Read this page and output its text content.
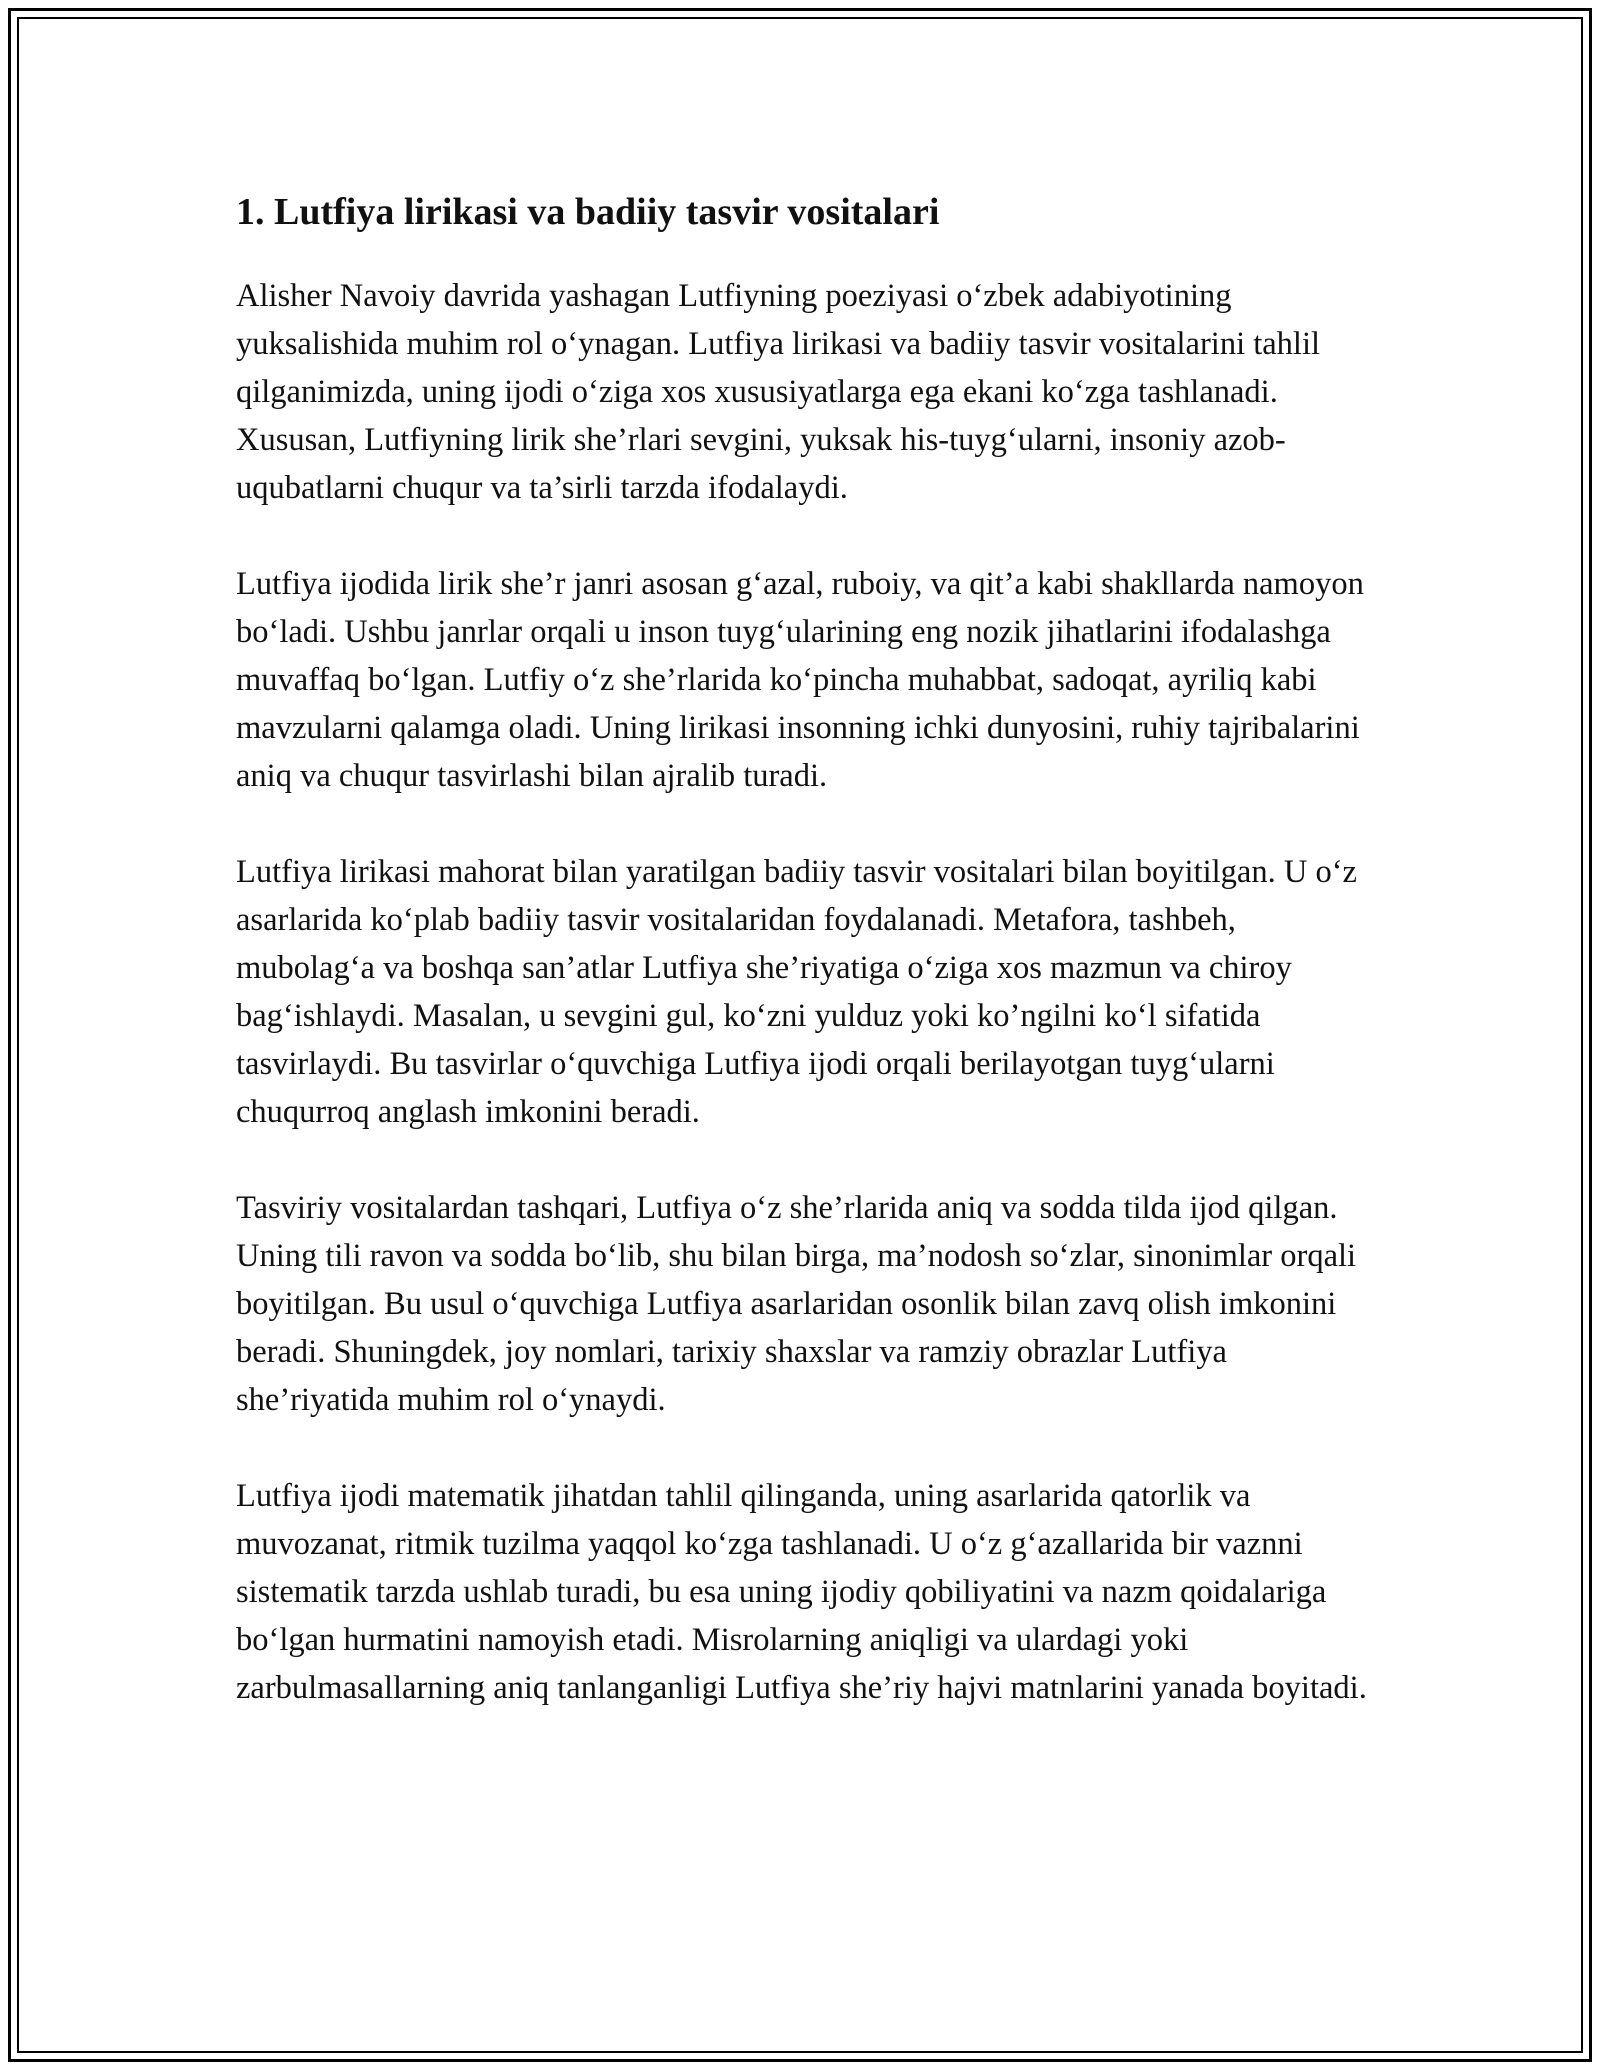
1. Lutfiya lirikasi va badiiy tasvir vositalari

Alisher Navoiy davrida yashagan Lutfiyning poeziyasi o‘zbek adabiyotining yuksalishida muhim rol o‘ynagan. Lutfiya lirikasi va badiiy tasvir vositalarini tahlil qilganimizda, uning ijodi o‘ziga xos xususiyatlarga ega ekani ko‘zga tashlanadi. Xususan, Lutfiyning lirik she’rlari sevgini, yuksak his-tuyg‘ularni, insoniy azob-uqubatlarni chuqur va ta’sirli tarzda ifodalaydi.

Lutfiya ijodida lirik she’r janri asosan g‘azal, ruboiy, va qit’a kabi shakllarda namoyon bo‘ladi. Ushbu janrlar orqali u inson tuyg‘ularining eng nozik jihatlarini ifodalashga muvaffaq bo‘lgan. Lutfiy o‘z she’rlarida ko‘pincha muhabbat, sadoqat, ayriliq kabi mavzularni qalamga oladi. Uning lirikasi insonning ichki dunyosini, ruhiy tajribalarini aniq va chuqur tasvirlashi bilan ajralib turadi.

Lutfiya lirikasi mahorat bilan yaratilgan badiiy tasvir vositalari bilan boyitilgan. U o‘z asarlarida ko‘plab badiiy tasvir vositalaridan foydalanadi. Metafora, tashbeh, mubolag‘a va boshqa san’atlar Lutfiya she’riyatiga o‘ziga xos mazmun va chiroy bag‘ishlaydi. Masalan, u sevgini gul, ko‘zni yulduz yoki ko’ngilni ko‘l sifatida tasvirlaydi. Bu tasvirlar o‘quvchiga Lutfiya ijodi orqali berilayotgan tuyg‘ularni chuqurroq anglash imkonini beradi.

Tasviriy vositalardan tashqari, Lutfiya o‘z she’rlarida aniq va sodda tilda ijod qilgan. Uning tili ravon va sodda bo‘lib, shu bilan birga, ma’nodosh so‘zlar, sinonimlar orqali boyitilgan. Bu usul o‘quvchiga Lutfiya asarlaridan osonlik bilan zavq olish imkonini beradi. Shuningdek, joy nomlari, tarixiy shaxslar va ramziy obrazlar Lutfiya she’riyatida muhim rol o‘ynaydi.

Lutfiya ijodi matematik jihatdan tahlil qilinganda, uning asarlarida qatorlik va muvozanat, ritmik tuzilma yaqqol ko‘zga tashlanadi. U o‘z g‘azallarida bir vaznni sistematik tarzda ushlab turadi, bu esa uning ijodiy qobiliyatini va nazm qoidalariga bo‘lgan hurmatini namoyish etadi. Misrolarning aniqligi va ulardagi yoki zarbulmasallarning aniq tanlanganligi Lutfiya she’riy hajvi matnlarini yanada boyitadi.
